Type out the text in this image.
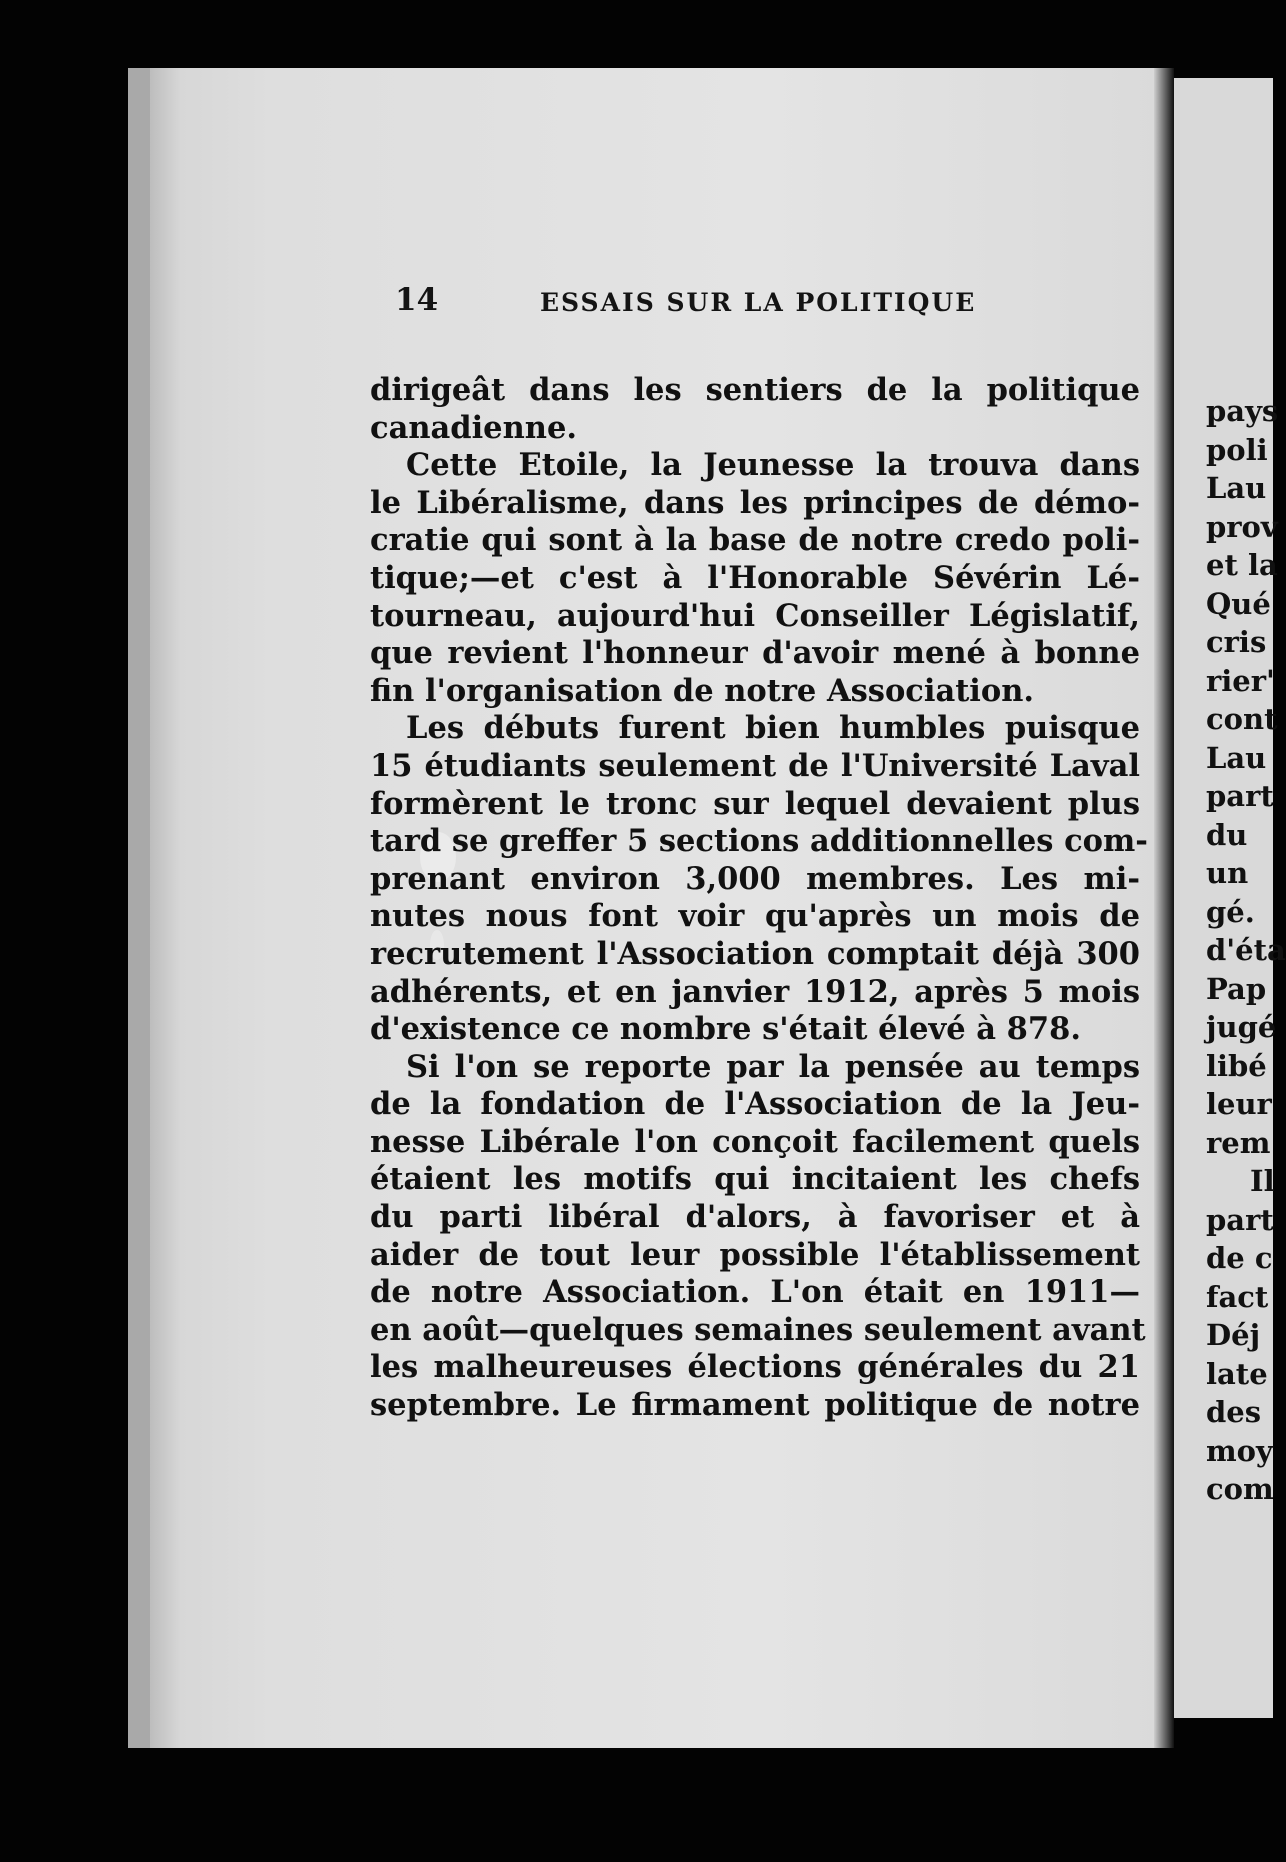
14	ESSAIS SUR LA POLITIQUE
dirigeât dans les sentiers de la politique
canadienne.
Cette Etoile, la Jeunesse la trouva dans
le Libéralisme, dans les principes de démo-
cratie qui sont à la base de notre credo poli-
tique;—et c'est à l'Honorable Sévérin Lé-
tourneau, aujourd'hui Conseiller Législatif,
que revient l'honneur d'avoir mené à bonne
fin l'organisation de notre Association.
Les débuts furent bien humbles puisque
15 étudiants seulement de l'Université Laval
formèrent le tronc sur lequel devaient plus
tard se greffer 5 sections additionnelles com-
prenant environ 3,000 membres. Les mi-
nutes nous font voir qu'après un mois de
recrutement l'Association comptait déjà 300
adhérents, et en janvier 1912, après 5 mois
d'existence ce nombre s'était élevé à 878.
Si l'on se reporte par la pensée au temps
de la fondation de l'Association de la Jeu-
nesse Libérale l'on conçoit facilement quels
étaient les motifs qui incitaient les chefs
du parti libéral d'alors, à favoriser et à
aider de tout leur possible l'établissement
de notre Association. L'on était en 1911—
en août—quelques semaines seulement avant
les malheureuses élections générales du 21
septembre. Le firmament politique de notre
pays
poli
Lau
prov
et la
Qué
cris
rier'
cont
Lau
part
du
un
gé.
d'éta
Pap
jugé
libé
leur
rem
Il
part
de c
fact
Déj
late
des
moy
com
